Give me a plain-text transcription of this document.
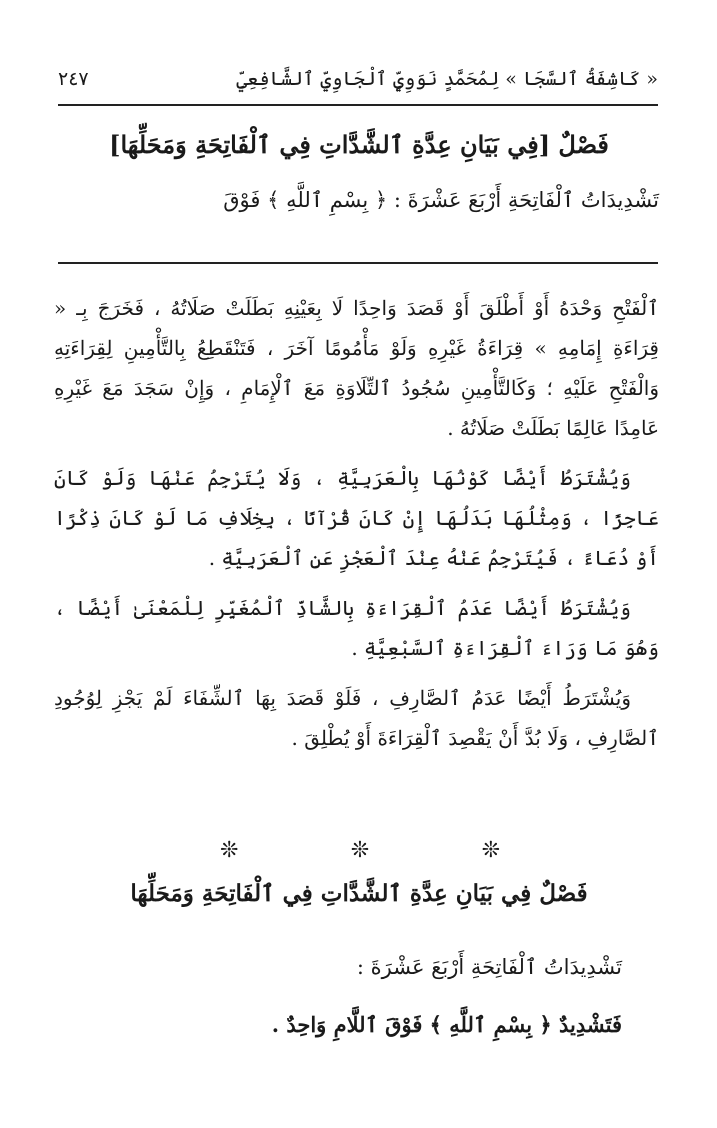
« كَاشِفَةُ ٱلسَّجَا » لِمُحَمَّدٍ نَوَوِيٍّ ٱلْجَاوِيِّ ٱلشَّافِعِيِّ
٢٤٧
فَصْلٌ [فِي بَيَانِ عِدَّةِ ٱلشَّدَّاتِ فِي ٱلْفَاتِحَةِ وَمَحَلِّهَا]
تَشْدِيدَاتُ ٱلْفَاتِحَةِ أَرْبَعَ عَشْرَةَ : ﴿ بِسْمِ ٱللَّهِ ﴾ فَوْقَ

ٱلْفَتْحِ وَحْدَهُ أَوْ أَطْلَقَ أَوْ قَصَدَ وَاحِدًا لَا بِعَيْنِهِ بَطَلَتْ صَلَاتُهُ ، فَخَرَجَ بِـ « قِرَاءَةِ إِمَامِهِ » قِرَاءَةُ غَيْرِهِ وَلَوْ مَأْمُومًا آخَرَ ، فَتَنْقَطِعُ بِالتَّأْمِينِ لِقِرَاءَتِهِ وَالْفَتْحِ عَلَيْهِ ؛ وَكَالتَّأْمِينِ سُجُودُ ٱلتِّلَاوَةِ مَعَ ٱلْإِمَامِ ، وَإِنْ سَجَدَ مَعَ غَيْرِهِ عَامِدًا عَالِمًا بَطَلَتْ صَلَاتُهُ .

وَيُشْتَرَطُ أَيْضًا كَوْنُهَا بِالْعَرَبِيَّةِ ، وَلَا يُتَرْجِمُ عَنْهَا وَلَوْ كَانَ عَاجِزًا ، وَمِثْلُهَا بَدَلُهَا إِنْ كَانَ قُرْآنًا ، بِخِلَافِ مَا لَوْ كَانَ ذِكْرًا أَوْ دُعَاءً ، فَيُتَرْجِمُ عَنْهُ عِنْدَ ٱلْعَجْزِ عَنِ ٱلْعَرَبِيَّةِ .

وَيُشْتَرَطُ أَيْضًا عَدَمُ ٱلْقِرَاءَةِ بِالشَّاذِّ ٱلْمُغَيِّرِ لِلْمَعْنَىٰ أَيْضًا ، وَهُوَ مَا وَرَاءَ ٱلْقِرَاءَةِ ٱلسَّبْعِيَّةِ .

وَيُشْتَرَطُ أَيْضًا عَدَمُ ٱلصَّارِفِ ، فَلَوْ قَصَدَ بِهَا ٱلشِّفَاءَ لَمْ يَجْزِ لِوُجُودِ ٱلصَّارِفِ ، وَلَا بُدَّ أَنْ يَقْصِدَ ٱلْقِرَاءَةَ أَوْ يُطْلِقَ .

❊	❊	❊
فَصْلٌ فِي بَيَانِ عِدَّةِ ٱلشَّدَّاتِ فِي ٱلْفَاتِحَةِ وَمَحَلِّهَا
تَشْدِيدَاتُ ٱلْفَاتِحَةِ أَرْبَعَ عَشْرَةَ :
فَتَشْدِيدٌ ﴿ بِسْمِ ٱللَّهِ ﴾ فَوْقَ ٱللَّامِ وَاحِدٌ .
